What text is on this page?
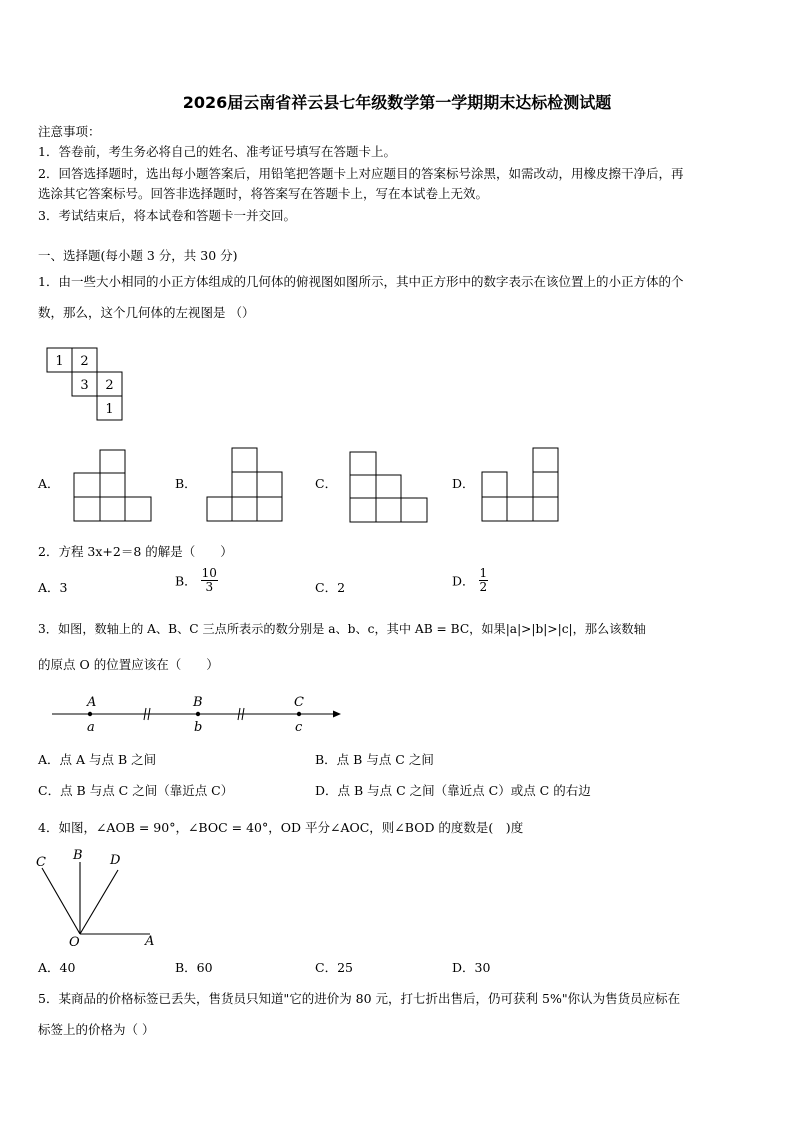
2026届云南省祥云县七年级数学第一学期期末达标检测试题
注意事项：
1．答卷前，考生务必将自己的姓名、准考证号填写在答题卡上。
2．回答选择题时，选出每小题答案后，用铅笔把答题卡上对应题目的答案标号涂黑，如需改动，用橡皮擦干净后，再
选涂其它答案标号。回答非选择题时，将答案写在答题卡上，写在本试卷上无效。
3．考试结束后，将本试卷和答题卡一并交回。
一、选择题(每小题 3 分，共 30 分)
1．由一些大小相同的小正方体组成的几何体的俯视图如图所示，其中正方形中的数字表示在该位置上的小正方体的个
数，那么，这个几何体的左视图是 （）
1 2
3 2
1
A．	B．	C．	D．
2．方程 3x+2＝8 的解是（　　）
A．3	B． $\frac{10}{3}$	C．2	D． $\frac{1}{2}$
3．如图，数轴上的 A、B、C 三点所表示的数分别是 a、b、c，其中 AB = BC，如果|a|>|b|>|c|，那么该数轴
的原点 O 的位置应该在（　　）
A	B	C
a	b	c
A．点 A 与点 B 之间	B．点 B 与点 C 之间
C．点 B 与点 C 之间（靠近点 C）	D．点 B 与点 C 之间（靠近点 C）或点 C 的右边
4．如图，∠AOB = 90°，∠BOC = 40°，OD 平分∠AOC，则∠BOD 的度数是(　)度
C B D
O	A
A．40	B．60	C．25	D．30
5．某商品的价格标签已丢失，售货员只知道"它的进价为 80 元，打七折出售后，仍可获利 5%"你认为售货员应标在
标签上的价格为（ ）
